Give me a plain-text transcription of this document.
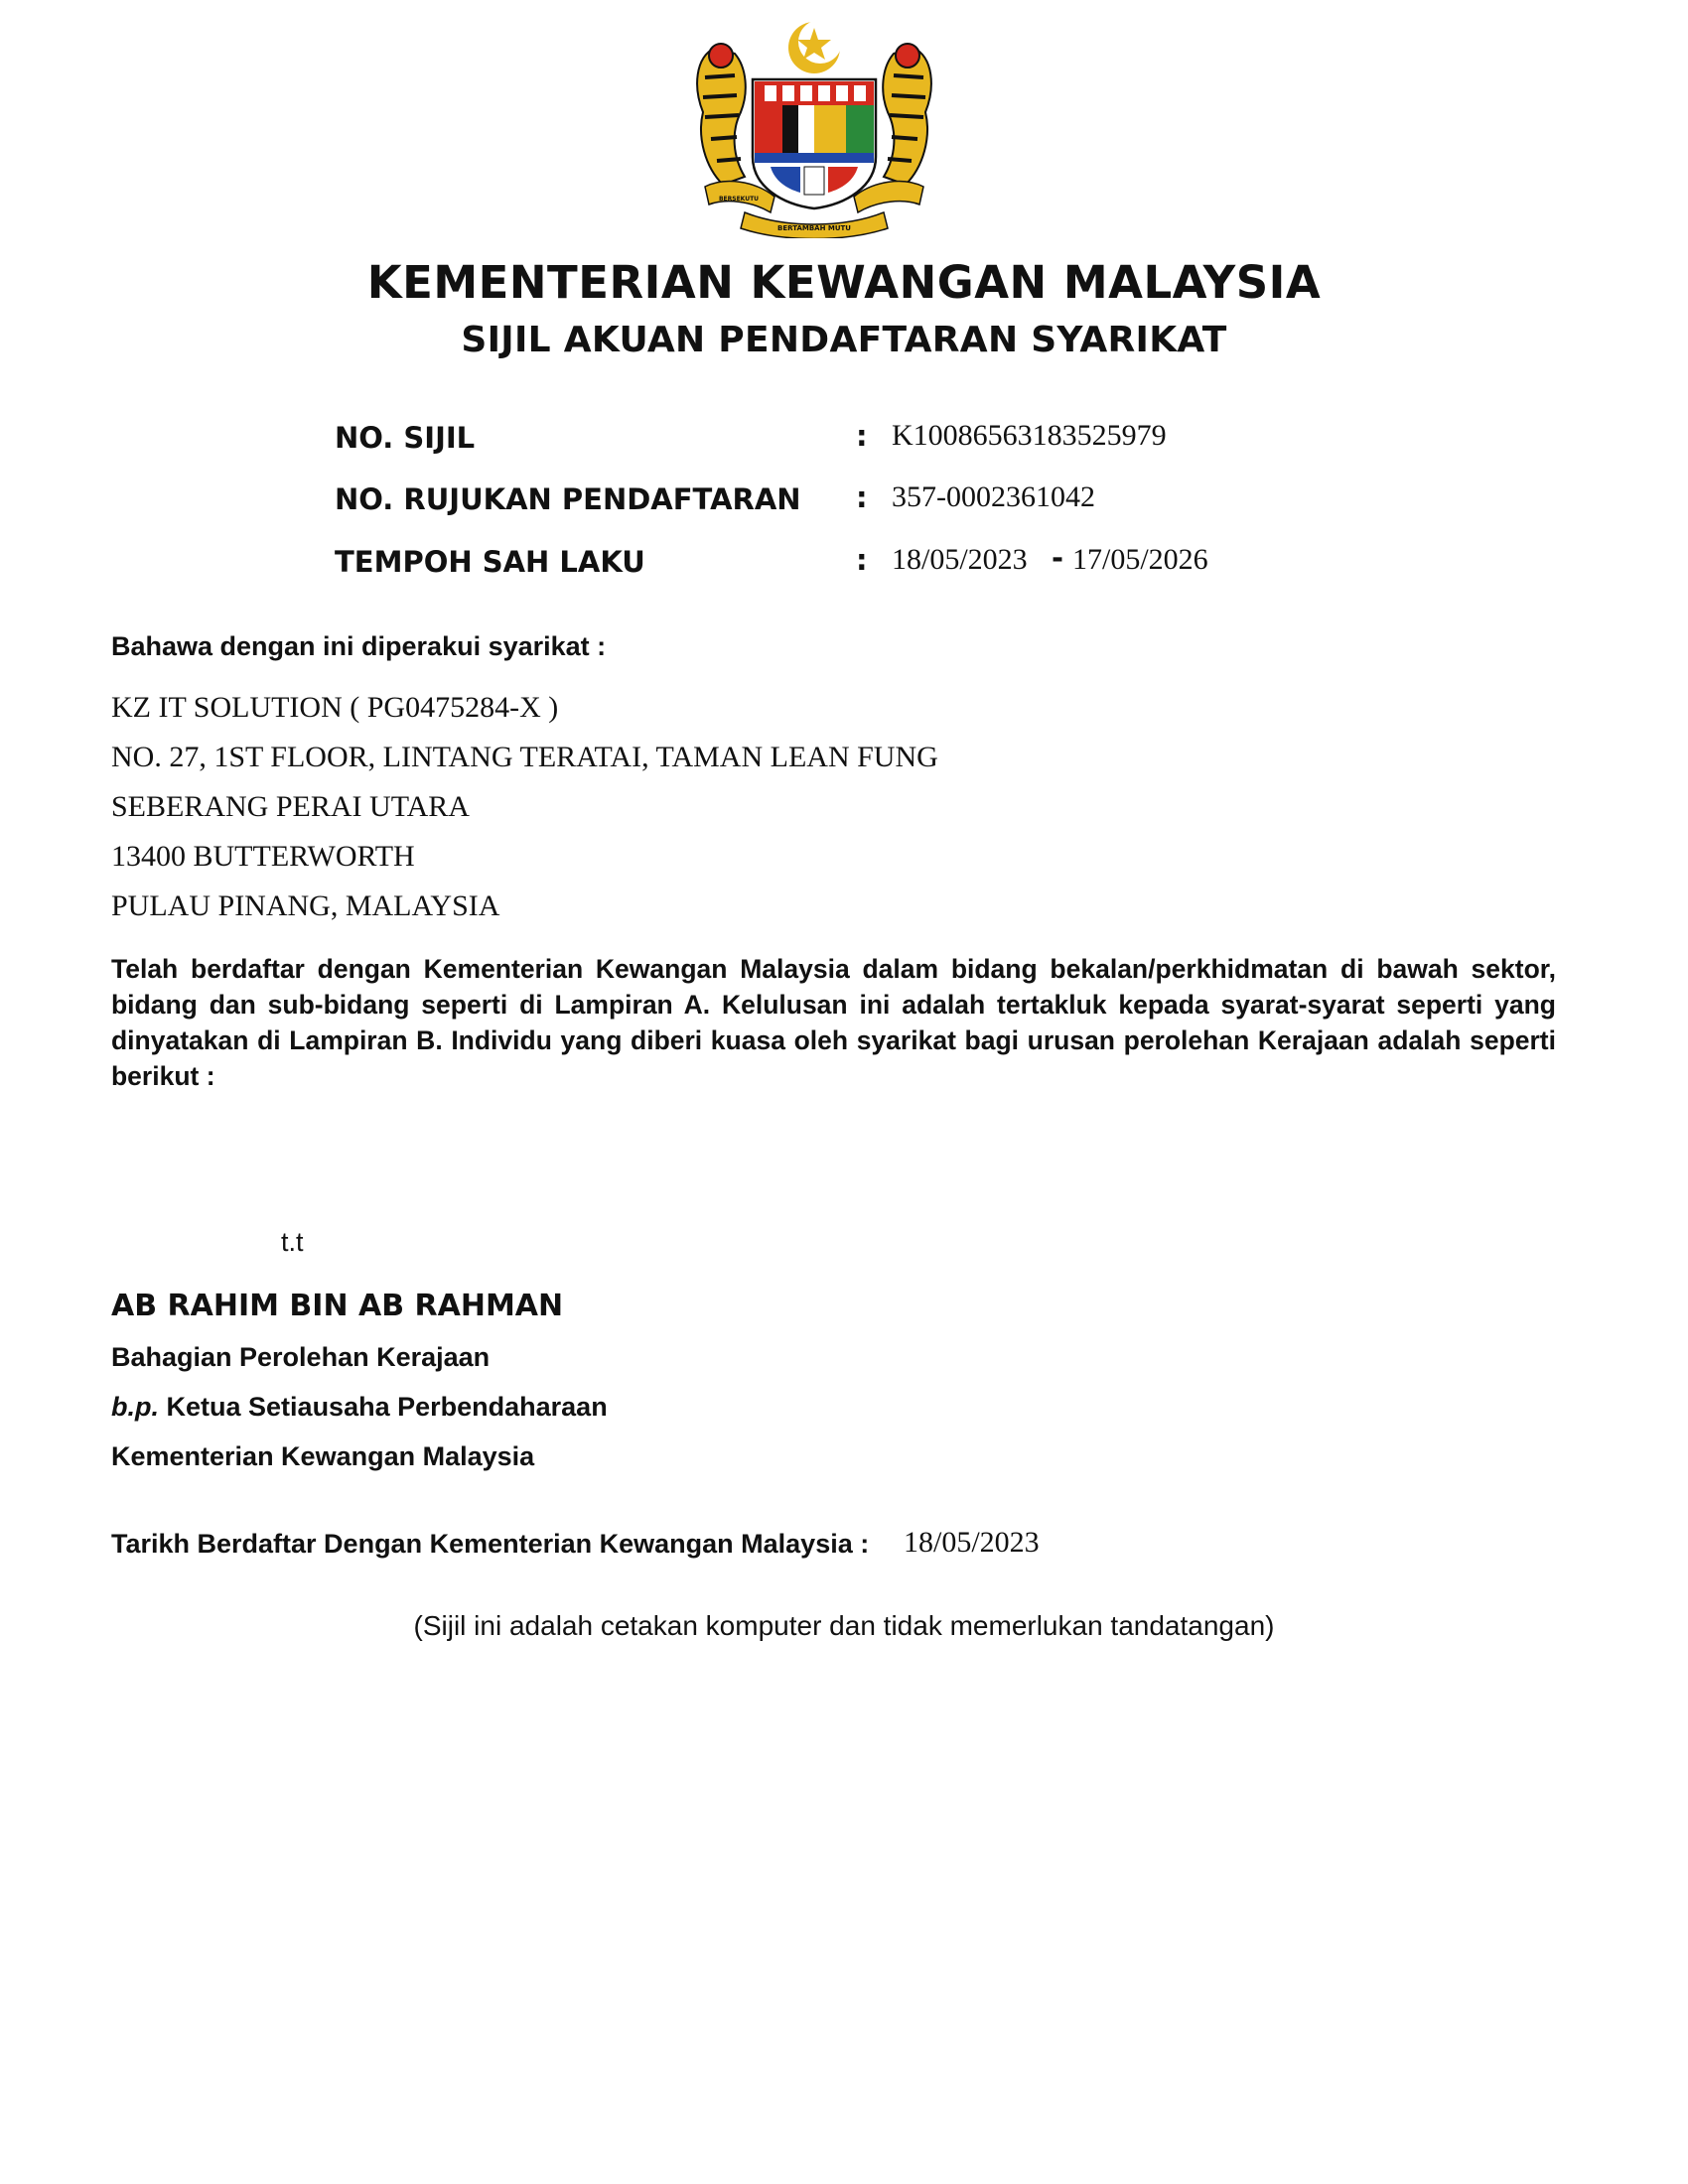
BERSEKUTU
BERTAMBAH MUTU
KEMENTERIAN KEWANGAN MALAYSIA
SIJIL AKUAN PENDAFTARAN SYARIKAT
NO. SIJIL	: K10086563183525979
NO. RUJUKAN PENDAFTARAN : 357-0002361042
TEMPOH SAH LAKU	: 18/05/2023 - 17/05/2026
Bahawa dengan ini diperakui syarikat :
KZ IT SOLUTION ( PG0475284-X )
NO. 27, 1ST FLOOR, LINTANG TERATAI, TAMAN LEAN FUNG
SEBERANG PERAI UTARA
13400 BUTTERWORTH
PULAU PINANG, MALAYSIA
Telah berdaftar dengan Kementerian Kewangan Malaysia dalam bidang bekalan/perkhidmatan di bawah sektor, bidang dan sub-bidang seperti di Lampiran A. Kelulusan ini adalah tertakluk kepada syarat-syarat seperti yang dinyatakan di Lampiran B. Individu yang diberi kuasa oleh syarikat bagi urusan perolehan Kerajaan adalah seperti berikut :
t.t
AB RAHIM BIN AB RAHMAN
Bahagian Perolehan Kerajaan
b.p. Ketua Setiausaha Perbendaharaan
Kementerian Kewangan Malaysia
Tarikh Berdaftar Dengan Kementerian Kewangan Malaysia : 18/05/2023
(Sijil ini adalah cetakan komputer dan tidak memerlukan tandatangan)
